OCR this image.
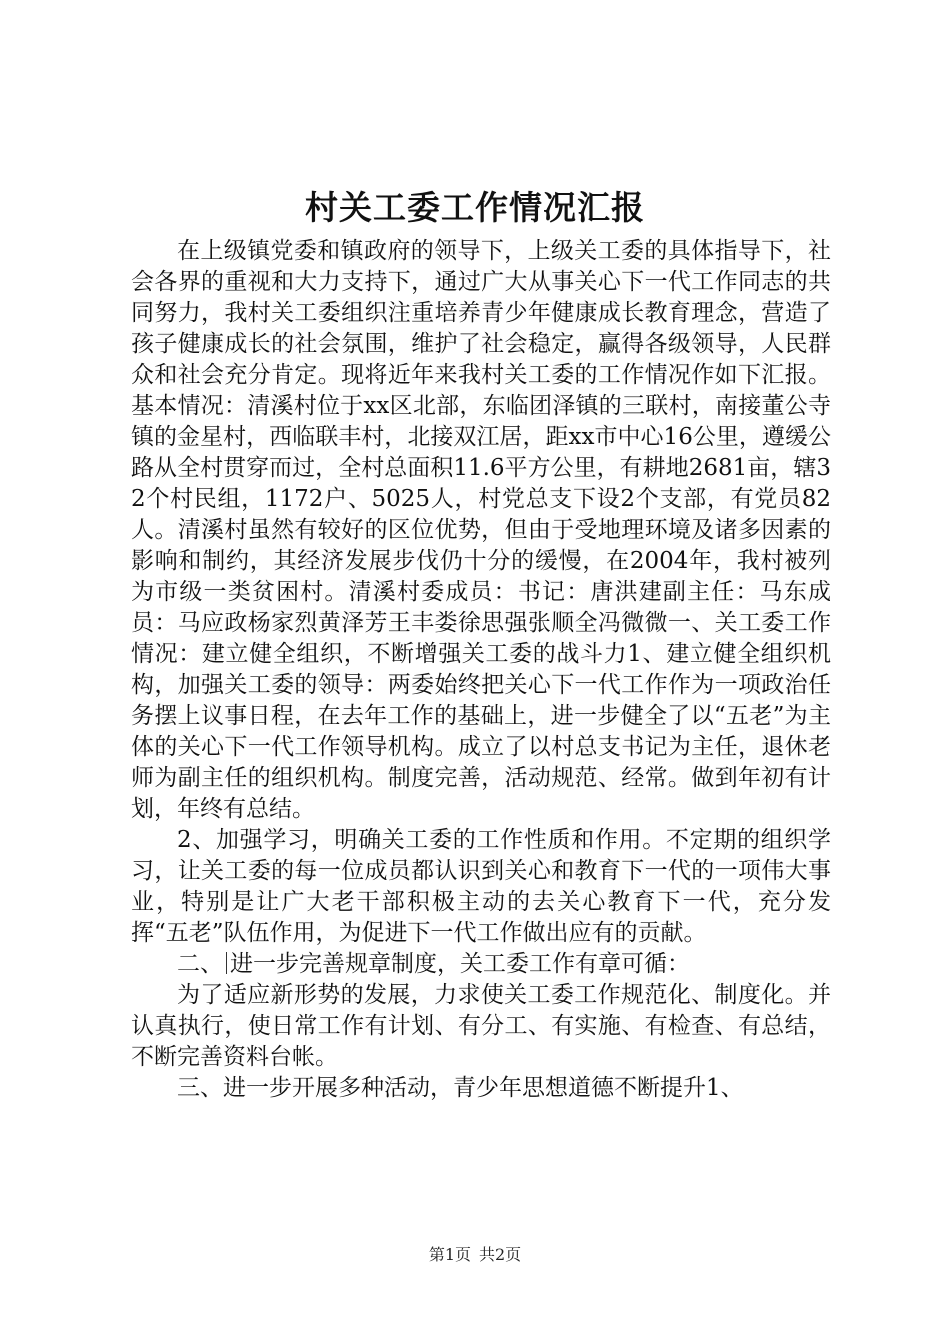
村关工委工作情况汇报

在上级镇党委和镇政府的领导下，上级关工委的具体指导下，社会各界的重视和大力支持下，通过广大从事关心下一代工作同志的共同努力，我村关工委组织注重培养青少年健康成长教育理念，营造了孩子健康成长的社会氛围，维护了社会稳定，赢得各级领导，人民群众和社会充分肯定。现将近年来我村关工委的工作情况作如下汇报。基本情况：清溪村位于xx区北部，东临团泽镇的三联村，南接董公寺镇的金星村，西临联丰村，北接双江居，距xx市中心16公里，遵缓公路从全村贯穿而过，全村总面积11.6平方公里，有耕地2681亩，辖32个村民组，1172户、5025人，村党总支下设2个支部，有党员82人。清溪村虽然有较好的区位优势，但由于受地理环境及诸多因素的影响和制约，其经济发展步伐仍十分的缓慢，在2004年，我村被列为市级一类贫困村。清溪村委成员：书记：唐洪建副主任：马东成员：马应政杨家烈黄泽芳王丰娄徐思强张顺全冯微微一、关工委工作情况：建立健全组织，不断增强关工委的战斗力1、建立健全组织机构，加强关工委的领导：两委始终把关心下一代工作作为一项政治任务摆上议事日程，在去年工作的基础上，进一步健全了以“五老”为主体的关心下一代工作领导机构。成立了以村总支书记为主任，退休老师为副主任的组织机构。制度完善，活动规范、经常。做到年初有计划，年终有总结。

2、加强学习，明确关工委的工作性质和作用。不定期的组织学习，让关工委的每一位成员都认识到关心和教育下一代的一项伟大事业，特别是让广大老干部积极主动的去关心教育下一代，充分发挥“五老”队伍作用，为促进下一代工作做出应有的贡献。

二、 进一步完善规章制度，关工委工作有章可循：

为了适应新形势的发展，力求使关工委工作规范化、制度化。并认真执行，使日常工作有计划、有分工、有实施、有检查、有总结，不断完善资料台帐。

三、进一步开展多种活动，青少年思想道德不断提升1、

第1页 共2页
